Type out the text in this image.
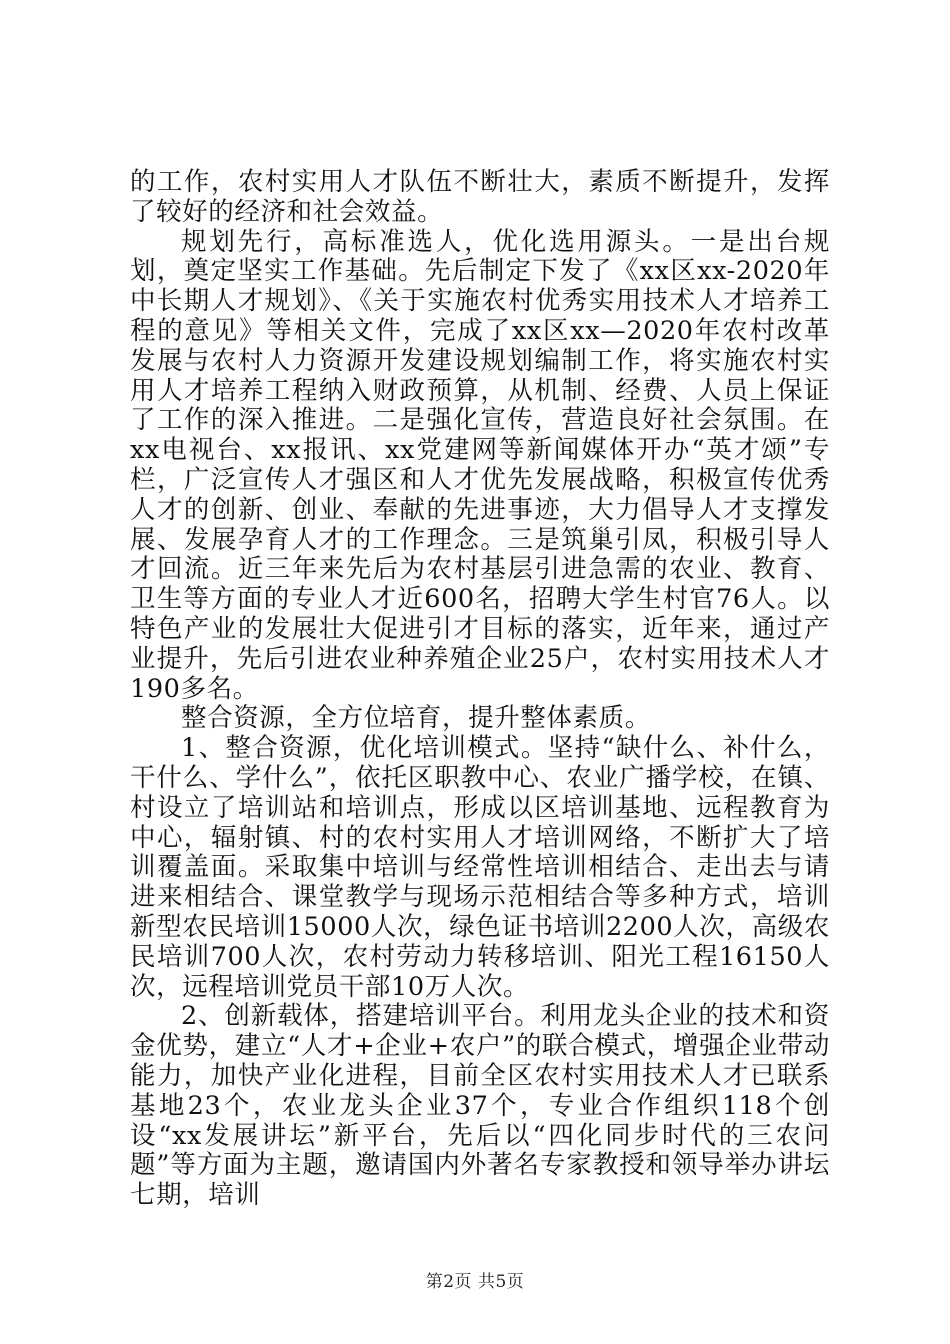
的工作，农村实用人才队伍不断壮大，素质不断提升，发挥了较好的经济和社会效益。

规划先行，高标准选人，优化选用源头。一是出台规划，奠定坚实工作基础。先后制定下发了《xx区xx-2020年中长期人才规划》、《关于实施农村优秀实用技术人才培养工程的意见》等相关文件，完成了xx区xx—2020年农村改革发展与农村人力资源开发建设规划编制工作，将实施农村实用人才培养工程纳入财政预算，从机制、经费、人员上保证了工作的深入推进。二是强化宣传，营造良好社会氛围。在xx电视台、xx报讯、xx党建网等新闻媒体开办“英才颂”专栏，广泛宣传人才强区和人才优先发展战略，积极宣传优秀人才的创新、创业、奉献的先进事迹，大力倡导人才支撑发展、发展孕育人才的工作理念。三是筑巢引凤，积极引导人才回流。近三年来先后为农村基层引进急需的农业、教育、卫生等方面的专业人才近600名，招聘大学生村官76人。以特色产业的发展壮大促进引才目标的落实，近年来，通过产业提升，先后引进农业种养殖企业25户，农村实用技术人才190多名。

整合资源，全方位培育，提升整体素质。

1、整合资源，优化培训模式。坚持“缺什么、补什么，干什么、学什么”，依托区职教中心、农业广播学校，在镇、村设立了培训站和培训点，形成以区培训基地、远程教育为中心，辐射镇、村的农村实用人才培训网络，不断扩大了培训覆盖面。采取集中培训与经常性培训相结合、走出去与请进来相结合、课堂教学与现场示范相结合等多种方式，培训新型农民培训15000人次，绿色证书培训2200人次，高级农民培训700人次，农村劳动力转移培训、阳光工程16150人次，远程培训党员干部10万人次。

2、创新载体，搭建培训平台。利用龙头企业的技术和资金优势，建立“人才+企业+农户”的联合模式，增强企业带动能力，加快产业化进程，目前全区农村实用技术人才已联系基地23个，农业龙头企业37个，专业合作组织118个创设“xx发展讲坛”新平台，先后以“四化同步时代的三农问题”等方面为主题，邀请国内外著名专家教授和领导举办讲坛七期，培训

第2页 共5页
